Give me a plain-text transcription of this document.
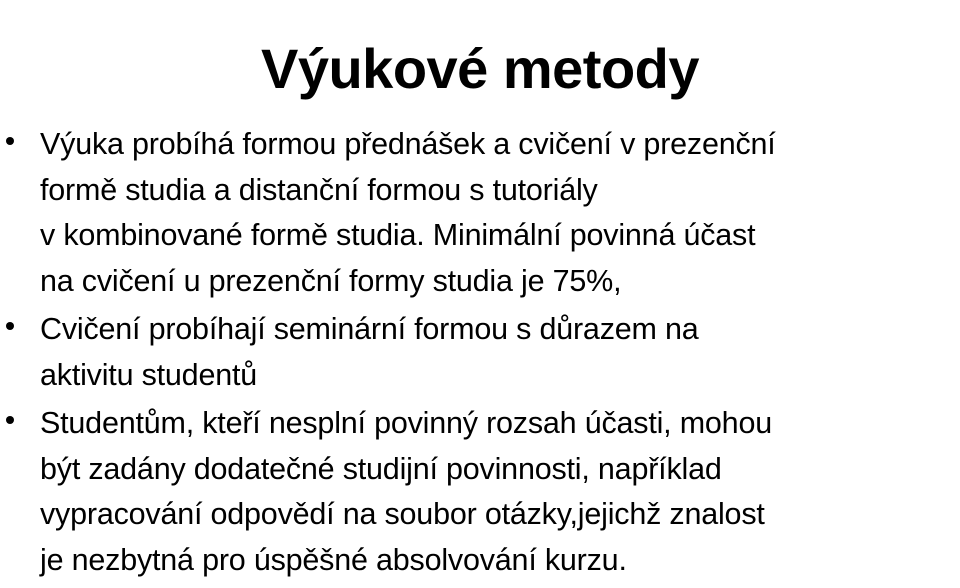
Výukové metody
Výuka probíhá formou přednášek a cvičení v prezenční
formě studia a distanční formou s tutoriály
v kombinované formě studia. Minimální povinná účast
na cvičení u prezenční formy studia je 75%,
Cvičení probíhají seminární formou s důrazem na
aktivitu studentů
Studentům, kteří nesplní povinný rozsah účasti, mohou
být zadány dodatečné studijní povinnosti, například
vypracování odpovědí na soubor otázky,jejichž znalost
je nezbytná pro úspěšné absolvování kurzu.
